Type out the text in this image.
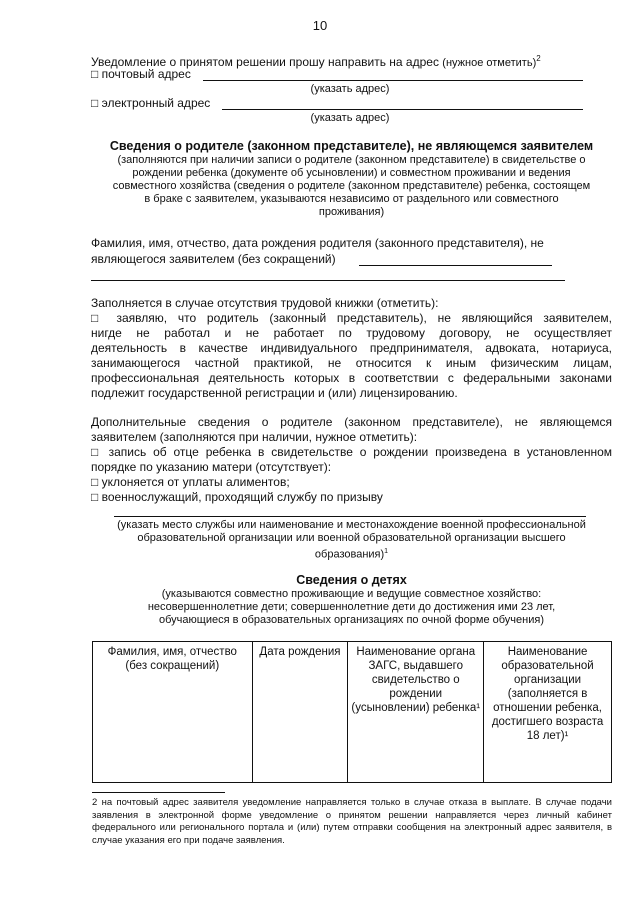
10
Уведомление о принятом решении прошу направить на адрес (нужное отметить)$^2$
□ почтовый адрес
(указать адрес)
□ электронный адрес
(указать адрес)
Сведения о родителе (законном представителе), не являющемся заявителем
(заполняются при наличии записи о родителе (законном представителе) в свидетельстве о
рождении ребенка (документе об усыновлении) и совместном проживании и ведения
совместного хозяйства (сведения о родителе (законном представителе) ребенка, состоящем
в браке с заявителем, указываются независимо от раздельного или совместного
проживания)
Фамилия, имя, отчество, дата рождения родителя (законного представителя), не
являющегося заявителем (без сокращений)
Заполняется в случае отсутствия трудовой книжки (отметить):
□ заявляю, что родитель (законный представитель), не являющийся заявителем,
нигде не работал и не работает по трудовому договору, не осуществляет
деятельность в качестве индивидуального предпринимателя, адвоката, нотариуса,
занимающегося частной практикой, не относится к иным физическим лицам,
профессиональная деятельность которых в соответствии с федеральными законами
подлежит государственной регистрации и (или) лицензированию.
Дополнительные сведения о родителе (законном представителе), не являющемся
заявителем (заполняются при наличии, нужное отметить):
□ запись об отце ребенка в свидетельстве о рождении произведена в установленном
порядке по указанию матери (отсутствует):
□ уклоняется от уплаты алиментов;
□ военнослужащий, проходящий службу по призыву
(указать место службы или наименование и местонахождение военной профессиональной
образовательной организации или военной образовательной организации высшего
образования)$^1$
Сведения о детях
(указываются совместно проживающие и ведущие совместное хозяйство:
несовершеннолетние дети; совершеннолетние дети до достижения ими 23 лет,
обучающиеся в образовательных организациях по очной форме обучения)
Фамилия, имя, отчество (без сокращений)	Дата рождения	Наименование органа ЗАГС, выдавшего свидетельство о рождении (усыновлении) ребенка¹	Наименование образовательной организации (заполняется в отношении ребенка, достигшего возраста 18 лет)¹
2 на почтовый адрес заявителя уведомление направляется только в случае отказа в выплате. В случае подачи заявления в электронной форме уведомление о принятом решении направляется через личный кабинет федерального или регионального портала и (или) путем отправки сообщения на электронный адрес заявителя, в случае указания его при подаче заявления.
